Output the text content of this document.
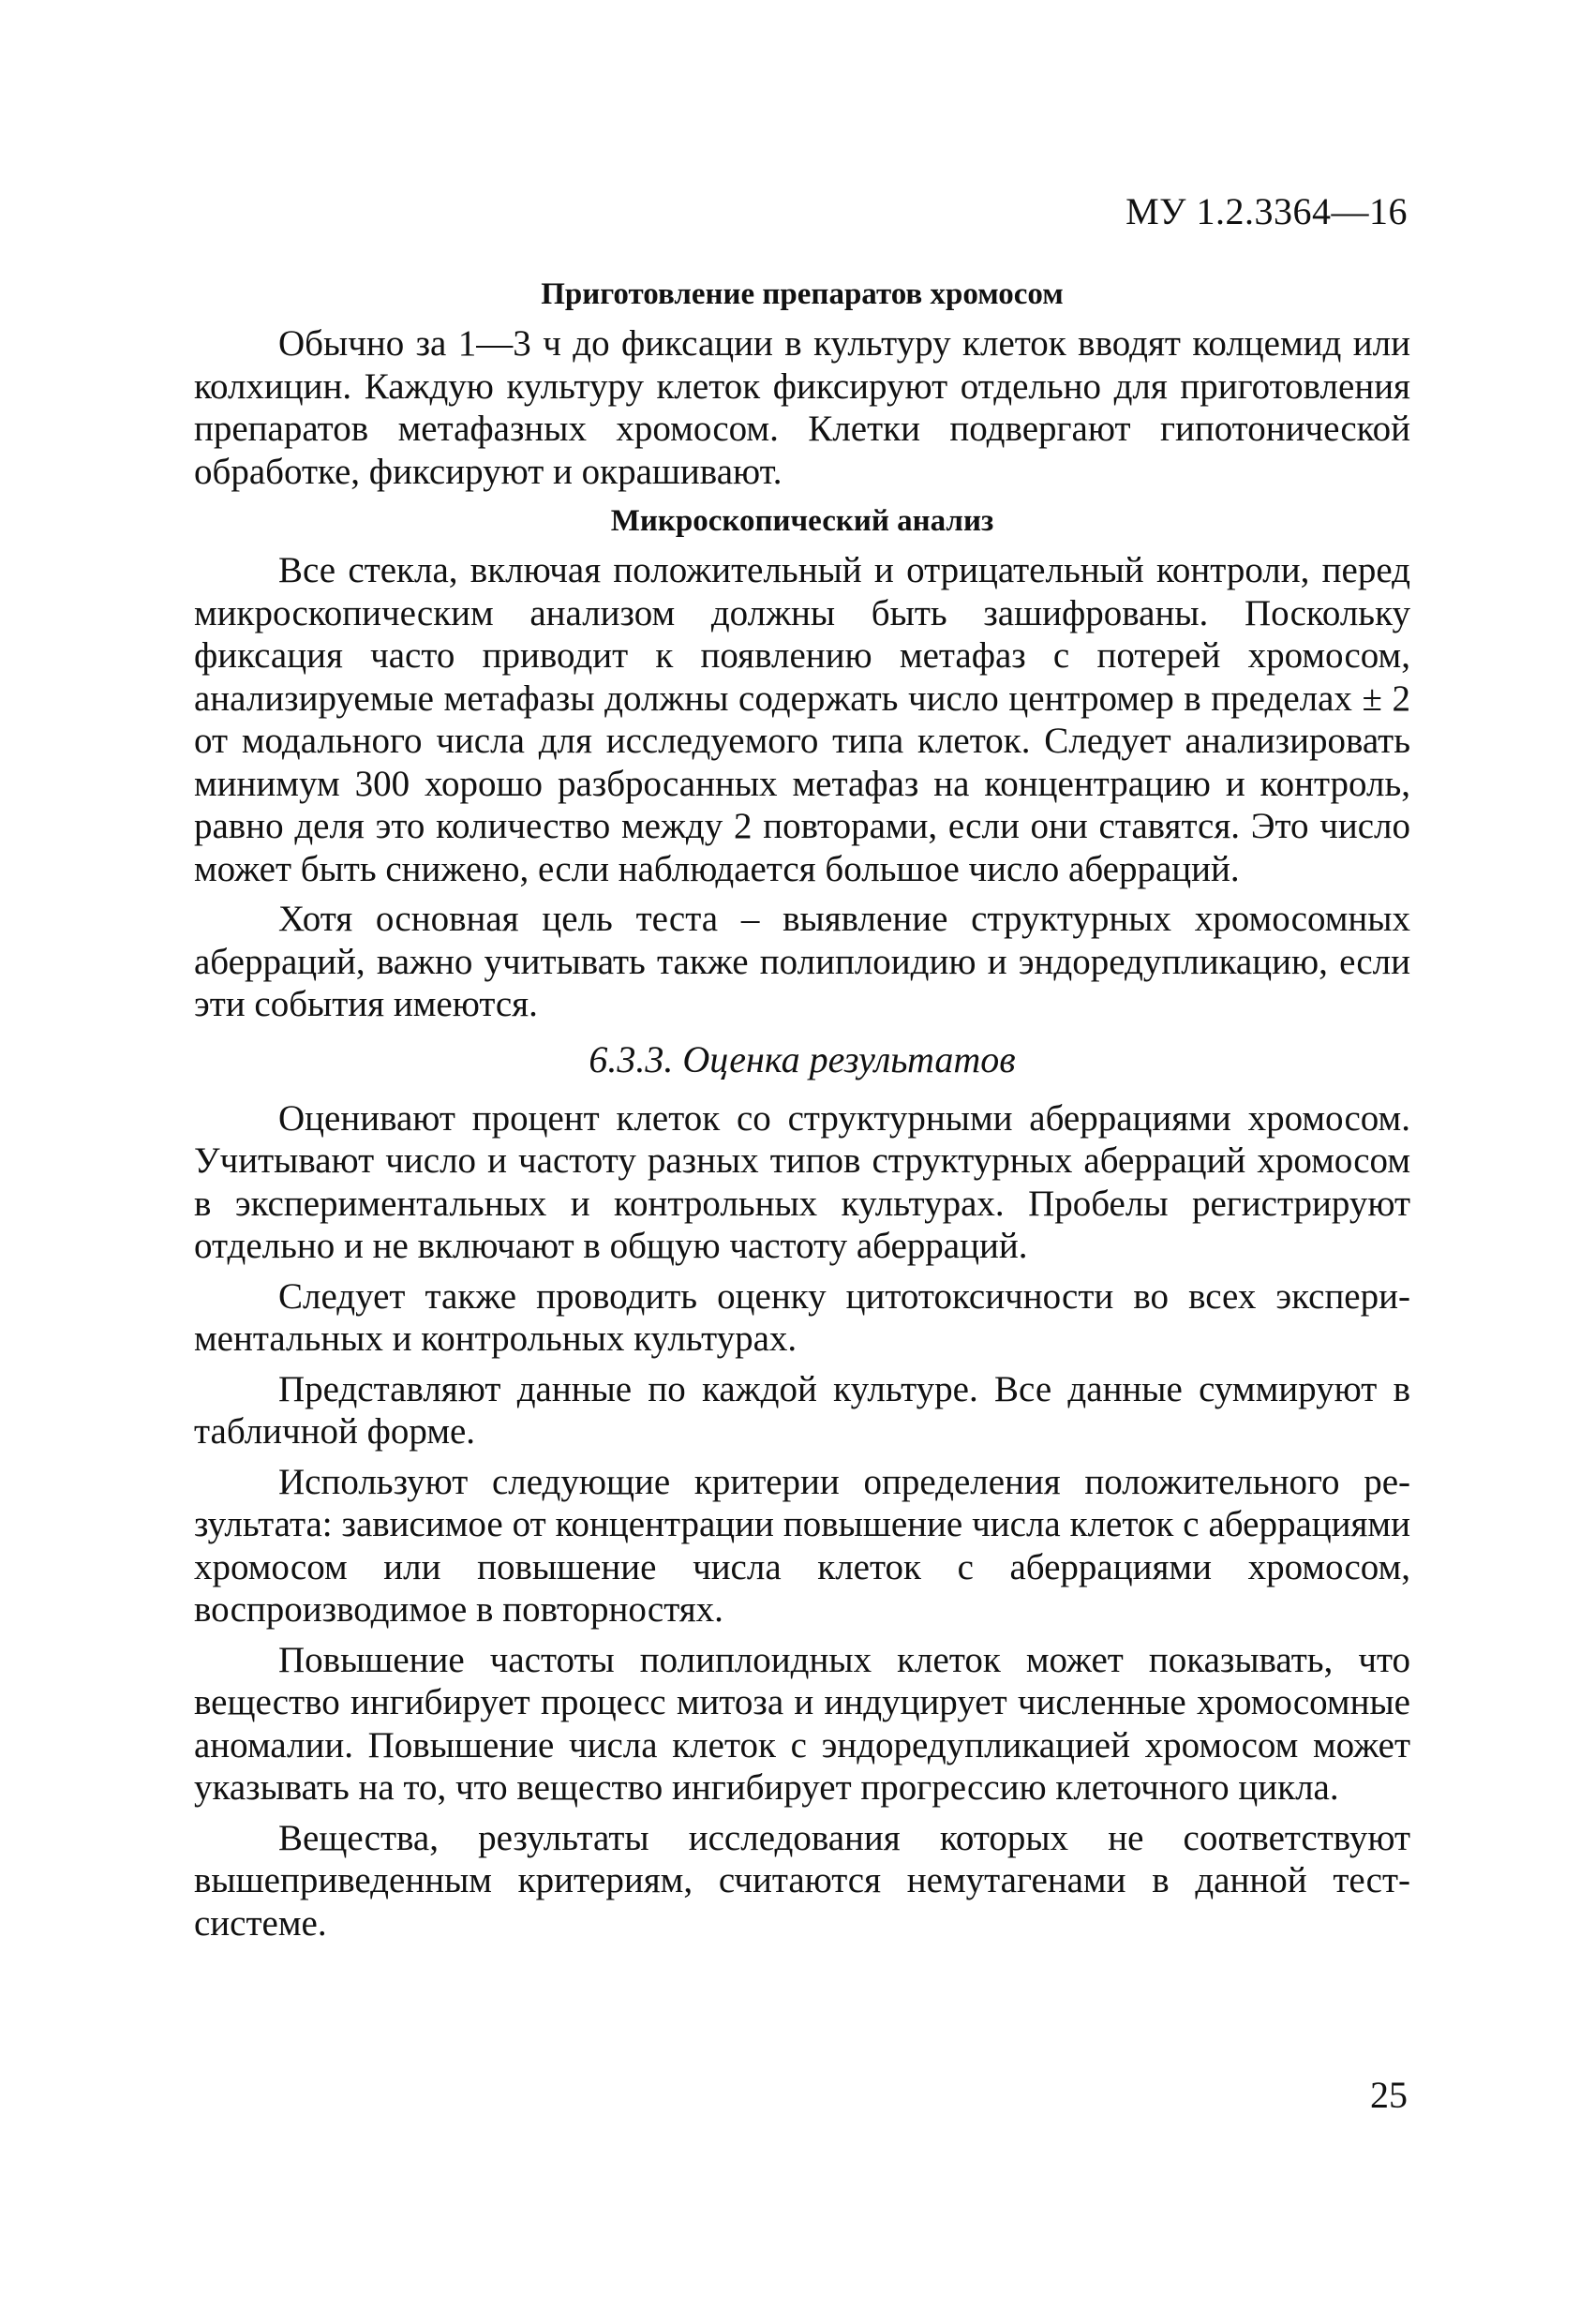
МУ 1.2.3364—16
Приготовление препаратов хромосом

Обычно за 1—3 ч до фиксации в культуру клеток вводят колцемид или колхицин. Каждую культуру клеток фиксируют отдельно для приготовления препаратов метафазных хромосом. Клетки подвергают гипотонической обработке, фиксируют и окрашивают.

Микроскопический анализ

Все стекла, включая положительный и отрицательный контроли, перед микроскопическим анализом должны быть зашифрованы. Поскольку фиксация часто приводит к появлению метафаз с потерей хромосом, анализируемые метафазы должны содержать число центромер в пределах ± 2 от модального числа для исследуемого типа клеток. Следует анализировать минимум 300 хорошо разбросанных метафаз на концентрацию и контроль, равно деля это количество между 2 повторами, если они ставятся. Это число может быть снижено, если наблюдается большое число аберраций.

Хотя основная цель теста – выявление структурных хромосомных аберраций, важно учитывать также полиплоидию и эндоредупликацию, если эти события имеются.

6.3.3. Оценка результатов

Оценивают процент клеток со структурными аберрациями хромосом. Учитывают число и частоту разных типов структурных аберраций хромосом в экспериментальных и контрольных культурах. Пробелы регистрируют отдельно и не включают в общую частоту аберраций.

Следует также проводить оценку цитотоксичности во всех экспериментальных и контрольных культурах.

Представляют данные по каждой культуре. Все данные суммируют в табличной форме.

Используют следующие критерии определения положительного результата: зависимое от концентрации повышение числа клеток с аберрациями хромосом или повышение числа клеток с аберрациями хромосом, воспроизводимое в повторностях.

Повышение частоты полиплоидных клеток может показывать, что вещество ингибирует процесс митоза и индуцирует численные хромосомные аномалии. Повышение числа клеток с эндоредупликацией хромосом может указывать на то, что вещество ингибирует прогрессию клеточного цикла.

Вещества, результаты исследования которых не соответствуют вышеприведенным критериям, считаются немутагенами в данной тест-системе.

25
